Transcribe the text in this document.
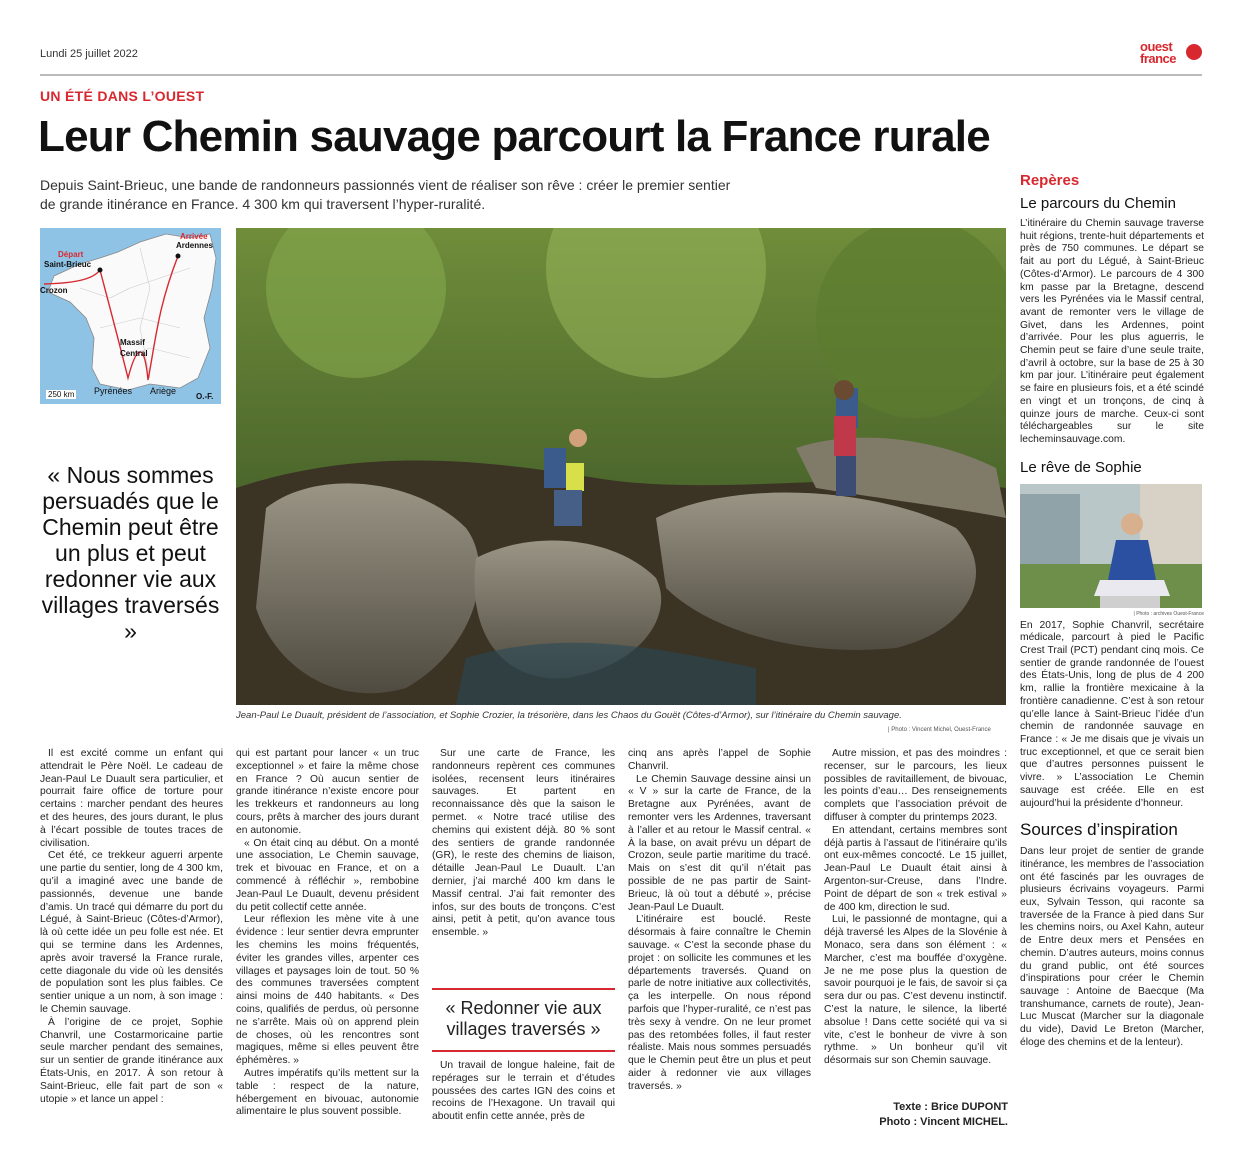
Lundi 25 juillet 2022	ouest
france
UN ÉTÉ DANS L’OUEST
Leur Chemin sauvage parcourt la France rurale
Depuis Saint-Brieuc, une bande de randonneurs passionnés vient de réaliser son rêve : créer le premier sentier de grande itinérance en France. 4 300 km qui traversent l’hyper-ruralité.
Départ
Saint-Brieuc
Crozon
Arrivée
Ardennes
Massif
Central
Pyrénées Ariège
250 km	O.-F.
Jean-Paul Le Duault, président de l’association, et Sophie Crozier, la trésorière, dans les Chaos du Gouët (Côtes-d’Armor), sur l’itinéraire du Chemin sauvage.
| Photo : Vincent Michel, Ouest-France
« Nous sommes persuadés que le Chemin peut être un plus et peut redonner vie aux villages traversés »

Il est excité comme un enfant qui attendrait le Père Noël. Le cadeau de Jean-Paul Le Duault sera particulier, et pourrait faire office de torture pour certains : marcher pendant des heures et des heures, des jours durant, le plus à l’écart possible de toutes traces de civilisation.

Cet été, ce trekkeur aguerri arpente une partie du sentier, long de 4 300 km, qu’il a imaginé avec une bande de passionnés, devenue une bande d’amis. Un tracé qui démarre du port du Légué, à Saint-Brieuc (Côtes-d’Armor), là où cette idée un peu folle est née. Et qui se termine dans les Ardennes, après avoir traversé la France rurale, cette diagonale du vide où les densités de population sont les plus faibles. Ce sentier unique a un nom, à son image : le Chemin sauvage.

À l’origine de ce projet, Sophie Chanvril, une Costarmoricaine partie seule marcher pendant des semaines, sur un sentier de grande itinérance aux États-Unis, en 2017. À son retour à Saint-Brieuc, elle fait part de son « utopie » et lance un appel :

qui est partant pour lancer « un truc exceptionnel » et faire la même chose en France ? Où aucun sentier de grande itinérance n’existe encore pour les trekkeurs et randonneurs au long cours, prêts à marcher des jours durant en autonomie.

« On était cinq au début. On a monté une association, Le Chemin sauvage, trek et bivouac en France, et on a commencé à réfléchir », rembobine Jean-Paul Le Duault, devenu président du petit collectif cette année.

Leur réflexion les mène vite à une évidence : leur sentier devra emprunter les chemins les moins fréquentés, éviter les grandes villes, arpenter ces villages et paysages loin de tout. 50 % des communes traversées comptent ainsi moins de 440 habitants. « Des coins, qualifiés de perdus, où personne ne s’arrête. Mais où on apprend plein de choses, où les rencontres sont magiques, même si elles peuvent être éphémères. »

Autres impératifs qu’ils mettent sur la table : respect de la nature, hébergement en bivouac, autonomie alimentaire le plus souvent possible.

Sur une carte de France, les randonneurs repèrent ces communes isolées, recensent leurs itinéraires sauvages. Et partent en reconnaissance dès que la saison le permet. « Notre tracé utilise des chemins qui existent déjà. 80 % sont des sentiers de grande randonnée (GR), le reste des chemins de liaison, détaille Jean-Paul Le Duault. L’an dernier, j’ai marché 400 km dans le Massif central. J’ai fait remonter des infos, sur des bouts de tronçons. C’est ainsi, petit à petit, qu’on avance tous ensemble. »

« Redonner vie aux villages traversés »

Un travail de longue haleine, fait de repérages sur le terrain et d’études poussées des cartes IGN des coins et recoins de l’Hexagone. Un travail qui aboutit enfin cette année, près de

cinq ans après l’appel de Sophie Chanvril.

Le Chemin Sauvage dessine ainsi un « V » sur la carte de France, de la Bretagne aux Pyrénées, avant de remonter vers les Ardennes, traversant à l’aller et au retour le Massif central. « À la base, on avait prévu un départ de Crozon, seule partie maritime du tracé. Mais on s’est dit qu’il n’était pas possible de ne pas partir de Saint-Brieuc, là où tout a débuté », précise Jean-Paul Le Duault.

L’itinéraire est bouclé. Reste désormais à faire connaître le Chemin sauvage. « C’est la seconde phase du projet : on sollicite les communes et les départements traversés. Quand on parle de notre initiative aux collectivités, ça les interpelle. On nous répond parfois que l’hyper-ruralité, ce n’est pas très sexy à vendre. On ne leur promet pas des retombées folles, il faut rester réaliste. Mais nous sommes persuadés que le Chemin peut être un plus et peut aider à redonner vie aux villages traversés. »

Autre mission, et pas des moindres : recenser, sur le parcours, les lieux possibles de ravitaillement, de bivouac, les points d’eau… Des renseignements complets que l’association prévoit de diffuser à compter du printemps 2023.

En attendant, certains membres sont déjà partis à l’assaut de l’itinéraire qu’ils ont eux-mêmes concocté. Le 15 juillet, Jean-Paul Le Duault était ainsi à Argenton-sur-Creuse, dans l’Indre. Point de départ de son « trek estival » de 400 km, direction le sud.

Lui, le passionné de montagne, qui a déjà traversé les Alpes de la Slovénie à Monaco, sera dans son élément : « Marcher, c’est ma bouffée d’oxygène. Je ne me pose plus la question de savoir pourquoi je le fais, de savoir si ça sera dur ou pas. C’est devenu instinctif. C’est la nature, le silence, la liberté absolue ! Dans cette société qui va si vite, c’est le bonheur de vivre à son rythme. » Un bonheur qu’il vit désormais sur son Chemin sauvage.

Texte : Brice DUPONT
Photo : Vincent MICHEL.
Repères
Le parcours du Chemin
L’itinéraire du Chemin sauvage traverse huit régions, trente-huit départements et près de 750 communes. Le départ se fait au port du Légué, à Saint-Brieuc (Côtes-d’Armor). Le parcours de 4 300 km passe par la Bretagne, descend vers les Pyrénées via le Massif central, avant de remonter vers le village de Givet, dans les Ardennes, point d’arrivée. Pour les plus aguerris, le Chemin peut se faire d’une seule traite, d’avril à octobre, sur la base de 25 à 30 km par jour. L’itinéraire peut également se faire en plusieurs fois, et a été scindé en vingt et un tronçons, de cinq à quinze jours de marche. Ceux-ci sont téléchargeables sur le site lecheminsauvage.com.
Le rêve de Sophie
| Photo : archives Ouest-France
En 2017, Sophie Chanvril, secrétaire médicale, parcourt à pied le Pacific Crest Trail (PCT) pendant cinq mois. Ce sentier de grande randonnée de l’ouest des États-Unis, long de plus de 4 200 km, rallie la frontière mexicaine à la frontière canadienne. C’est à son retour qu’elle lance à Saint-Brieuc l’idée d’un chemin de randonnée sauvage en France : « Je me disais que je vivais un truc exceptionnel, et que ce serait bien que d’autres personnes puissent le vivre. » L’association Le Chemin sauvage est créée. Elle en est aujourd’hui la présidente d’honneur.
Sources d’inspiration
Dans leur projet de sentier de grande itinérance, les membres de l’association ont été fascinés par les ouvrages de plusieurs écrivains voyageurs. Parmi eux, Sylvain Tesson, qui raconte sa traversée de la France à pied dans Sur les chemins noirs, ou Axel Kahn, auteur de Entre deux mers et Pensées en chemin. D’autres auteurs, moins connus du grand public, ont été sources d’inspirations pour créer le Chemin sauvage : Antoine de Baecque (Ma transhumance, carnets de route), Jean-Luc Muscat (Marcher sur la diagonale du vide), David Le Breton (Marcher, éloge des chemins et de la lenteur).
